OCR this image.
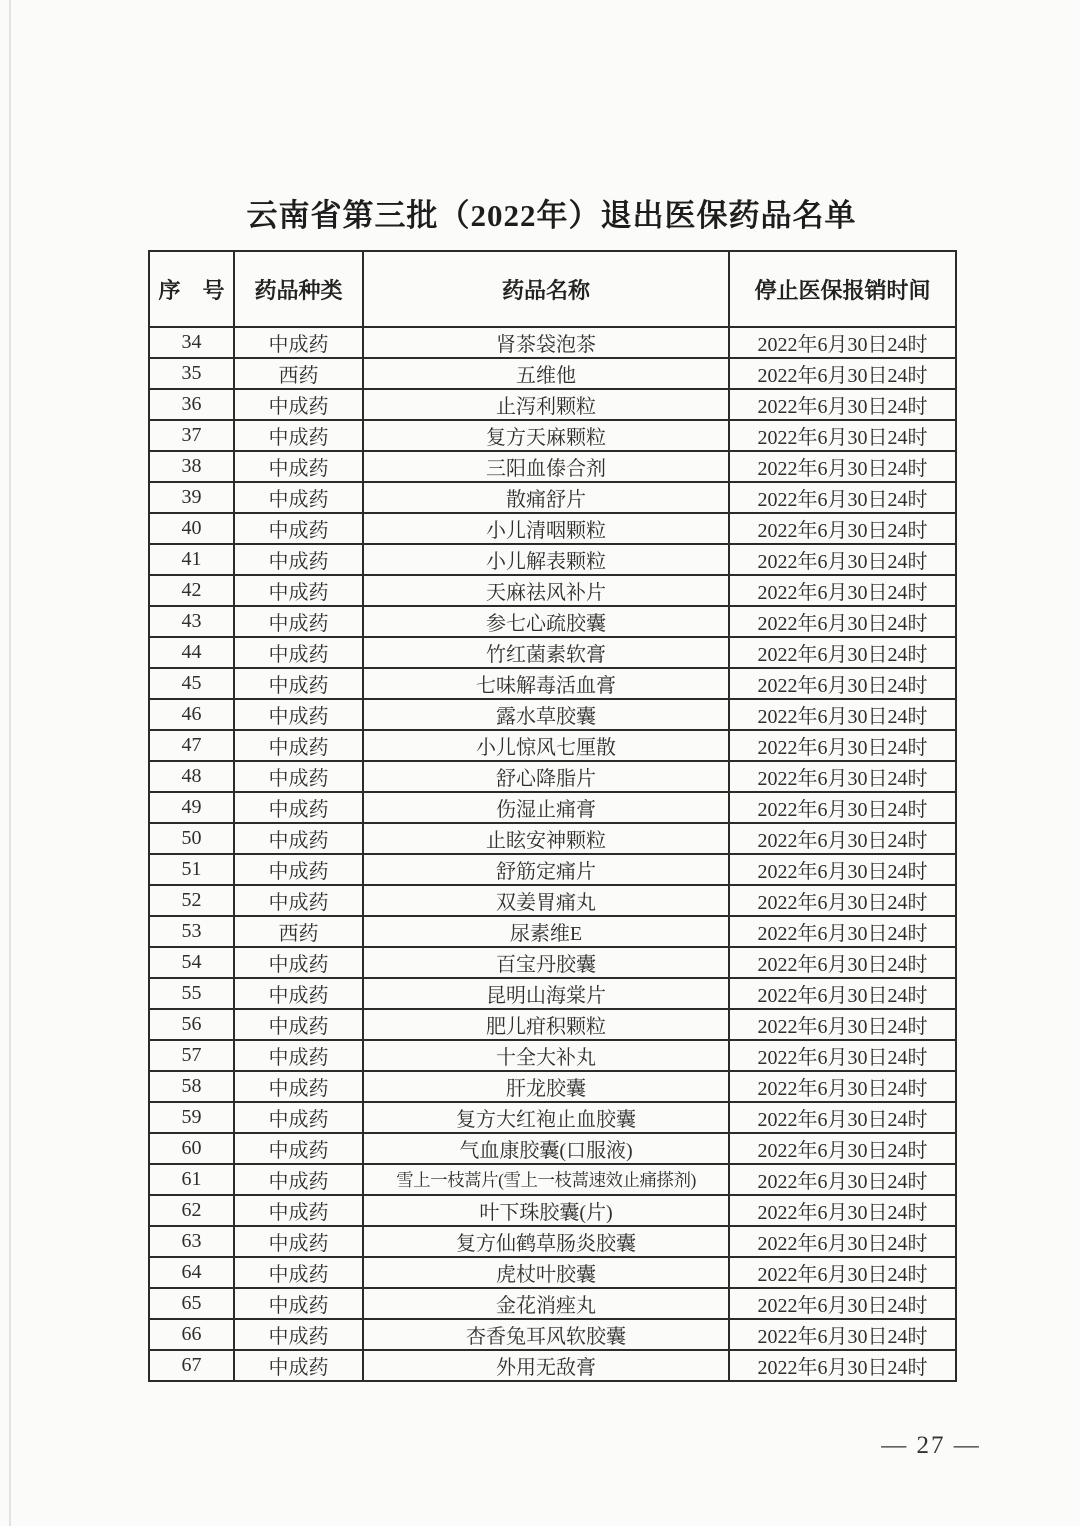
云南省第三批（2022年）退出医保药品名单
序　号	药品种类	药品名称	停止医保报销时间
34	中成药	肾茶袋泡茶	2022年6月30日24时
35	西药	五维他	2022年6月30日24时
36	中成药	止泻利颗粒	2022年6月30日24时
37	中成药	复方天麻颗粒	2022年6月30日24时
38	中成药	三阳血傣合剂	2022年6月30日24时
39	中成药	散痛舒片	2022年6月30日24时
40	中成药	小儿清咽颗粒	2022年6月30日24时
41	中成药	小儿解表颗粒	2022年6月30日24时
42	中成药	天麻祛风补片	2022年6月30日24时
43	中成药	参七心疏胶囊	2022年6月30日24时
44	中成药	竹红菌素软膏	2022年6月30日24时
45	中成药	七味解毒活血膏	2022年6月30日24时
46	中成药	露水草胶囊	2022年6月30日24时
47	中成药	小儿惊风七厘散	2022年6月30日24时
48	中成药	舒心降脂片	2022年6月30日24时
49	中成药	伤湿止痛膏	2022年6月30日24时
50	中成药	止眩安神颗粒	2022年6月30日24时
51	中成药	舒筋定痛片	2022年6月30日24时
52	中成药	双姜胃痛丸	2022年6月30日24时
53	西药	尿素维E	2022年6月30日24时
54	中成药	百宝丹胶囊	2022年6月30日24时
55	中成药	昆明山海棠片	2022年6月30日24时
56	中成药	肥儿疳积颗粒	2022年6月30日24时
57	中成药	十全大补丸	2022年6月30日24时
58	中成药	肝龙胶囊	2022年6月30日24时
59	中成药	复方大红袍止血胶囊	2022年6月30日24时
60	中成药	气血康胶囊(口服液)	2022年6月30日24时
61	中成药	雪上一枝蒿片(雪上一枝蒿速效止痛搽剂)	2022年6月30日24时
62	中成药	叶下珠胶囊(片)	2022年6月30日24时
63	中成药	复方仙鹤草肠炎胶囊	2022年6月30日24时
64	中成药	虎杖叶胶囊	2022年6月30日24时
65	中成药	金花消痤丸	2022年6月30日24时
66	中成药	杏香兔耳风软胶囊	2022年6月30日24时
67	中成药	外用无敌膏	2022年6月30日24时
— 27 —
